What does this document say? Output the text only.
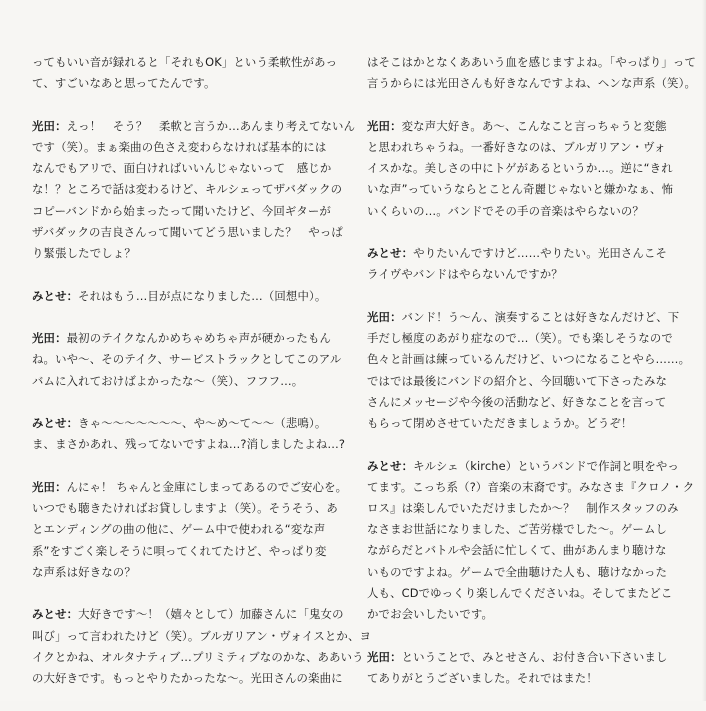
ってもいい音が録れると「それもOK」という柔軟性があっ
て、すごいなあと思ってたんです。
光田：えっ！　そう？　柔軟と言うか…あんまり考えてないん
です（笑）。まぁ楽曲の色さえ変わらなければ基本的には
なんでもアリで、面白ければいいんじゃないって　感じか
な！？ところで話は変わるけど、キルシェってザバダックの
コピーバンドから始まったって聞いたけど、今回ギターが
ザバダックの吉良さんって聞いてどう思いました？　やっぱ
り緊張したでしょ？
みとせ：それはもう…目が点になりました…（回想中）。
光田：最初のテイクなんかめちゃめちゃ声が硬かったもん
ね。いや〜、そのテイク、サービストラックとしてこのアル
バムに入れておけばよかったな〜（笑）、フフフ…。
みとせ：きゃ〜〜〜〜〜〜〜、や〜め〜て〜〜（悲鳴）。
ま、まさかあれ、残ってないですよね…?消しましたよね…?
光田：んにゃ！ ちゃんと金庫にしまってあるのでご安心を。
いつでも聴きたければお貸ししますよ（笑）。そうそう、あ
とエンディングの曲の他に、ゲーム中で使われる“変な声
系”をすごく楽しそうに唄ってくれてたけど、やっぱり変
な声系は好きなの？
みとせ：大好きです〜！（嬉々として）加藤さんに「鬼女の
叫び」って言われたけど（笑）。ブルガリアン・ヴォイスとか、ヨ
イクとかね、オルタナティブ…プリミティブなのかな、ああいう
の大好きです。もっとやりたかったな〜。光田さんの楽曲に
はそこはかとなくああいう血を感じますよね。「やっぱり」って
言うからには光田さんも好きなんですよね、ヘンな声系（笑）。
光田：変な声大好き。あ〜、こんなこと言っちゃうと変態
と思われちゃうね。一番好きなのは、ブルガリアン・ヴォ
イスかな。美しさの中にトゲがあるというか…。逆に“きれ
いな声”っていうならとことん奇麗じゃないと嫌かなぁ、怖
いくらいの…。バンドでその手の音楽はやらないの？
みとせ：やりたいんですけど……やりたい。光田さんこそ
ライヴやバンドはやらないんですか？
光田：バンド！う〜ん、演奏することは好きなんだけど、下
手だし極度のあがり症なので…（笑）。でも楽しそうなので
色々と計画は練っているんだけど、いつになることやら……。
ではでは最後にバンドの紹介と、今回聴いて下さったみな
さんにメッセージや今後の活動など、好きなことを言って
もらって閉めさせていただきましょうか。どうぞ！
みとせ：キルシェ（kirche）というバンドで作詞と唄をやっ
てます。こっち系（?）音楽の末裔です。みなさま『クロノ・ク
ロス』は楽しんでいただけましたか〜？　制作スタッフのみ
なさまお世話になりました、ご苦労様でした〜。ゲームし
ながらだとバトルや会話に忙しくて、曲があんまり聴けな
いものですよね。ゲームで全曲聴けた人も、聴けなかった
人も、CDでゆっくり楽しんでくださいね。そしてまたどこ
かでお会いしたいです。
光田：ということで、みとせさん、お付き合い下さいまし
てありがとうございました。それではまた！
